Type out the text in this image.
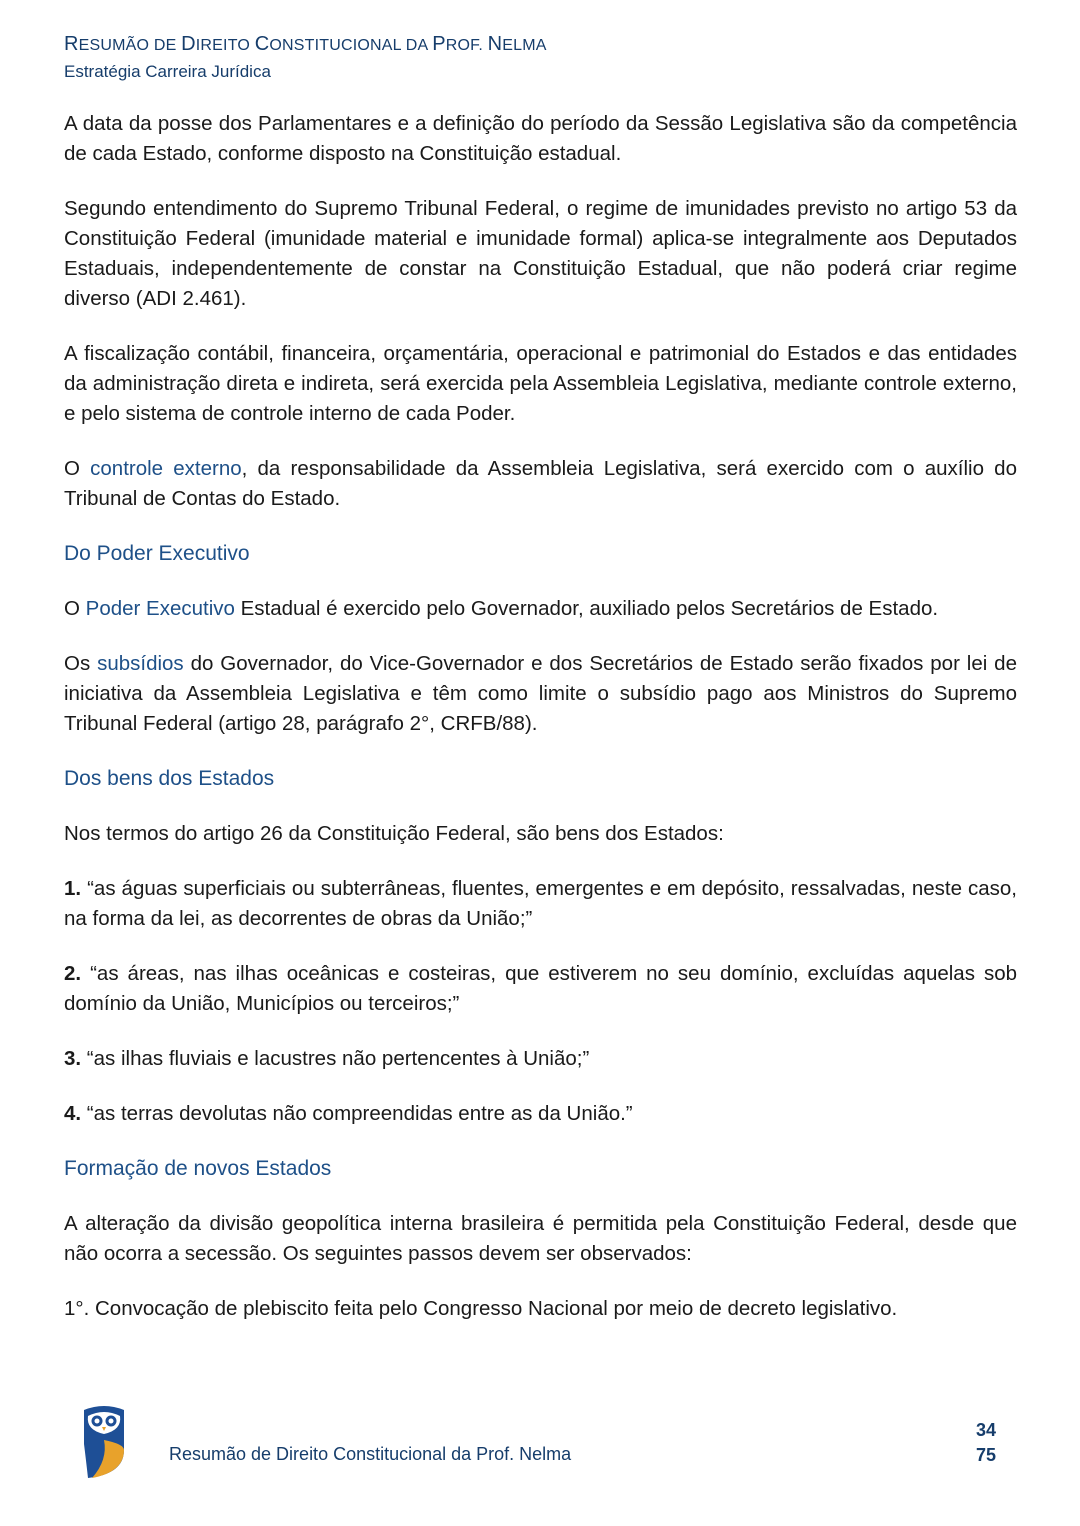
RESUMÃO DE DIREITO CONSTITUCIONAL DA PROF. NELMA
Estratégia Carreira Jurídica

A data da posse dos Parlamentares e a definição do período da Sessão Legislativa são da competência de cada Estado, conforme disposto na Constituição estadual.

Segundo entendimento do Supremo Tribunal Federal, o regime de imunidades previsto no artigo 53 da Constituição Federal (imunidade material e imunidade formal) aplica-se integralmente aos Deputados Estaduais, independentemente de constar na Constituição Estadual, que não poderá criar regime diverso (ADI 2.461).

A fiscalização contábil, financeira, orçamentária, operacional e patrimonial do Estados e das entidades da administração direta e indireta, será exercida pela Assembleia Legislativa, mediante controle externo, e pelo sistema de controle interno de cada Poder.

O controle externo, da responsabilidade da Assembleia Legislativa, será exercido com o auxílio do Tribunal de Contas do Estado.

Do Poder Executivo

O Poder Executivo Estadual é exercido pelo Governador, auxiliado pelos Secretários de Estado.

Os subsídios do Governador, do Vice-Governador e dos Secretários de Estado serão fixados por lei de iniciativa da Assembleia Legislativa e têm como limite o subsídio pago aos Ministros do Supremo Tribunal Federal (artigo 28, parágrafo 2°, CRFB/88).

Dos bens dos Estados

Nos termos do artigo 26 da Constituição Federal, são bens dos Estados:

1. “as águas superficiais ou subterrâneas, fluentes, emergentes e em depósito, ressalvadas, neste caso, na forma da lei, as decorrentes de obras da União;”

2. “as áreas, nas ilhas oceânicas e costeiras, que estiverem no seu domínio, excluídas aquelas sob domínio da União, Municípios ou terceiros;”

3. “as ilhas fluviais e lacustres não pertencentes à União;”

4. “as terras devolutas não compreendidas entre as da União.”

Formação de novos Estados

A alteração da divisão geopolítica interna brasileira é permitida pela Constituição Federal, desde que não ocorra a secessão. Os seguintes passos devem ser observados:

1°. Convocação de plebiscito feita pelo Congresso Nacional por meio de decreto legislativo.

Resumão de Direito Constitucional da Prof. Nelma
34
75
